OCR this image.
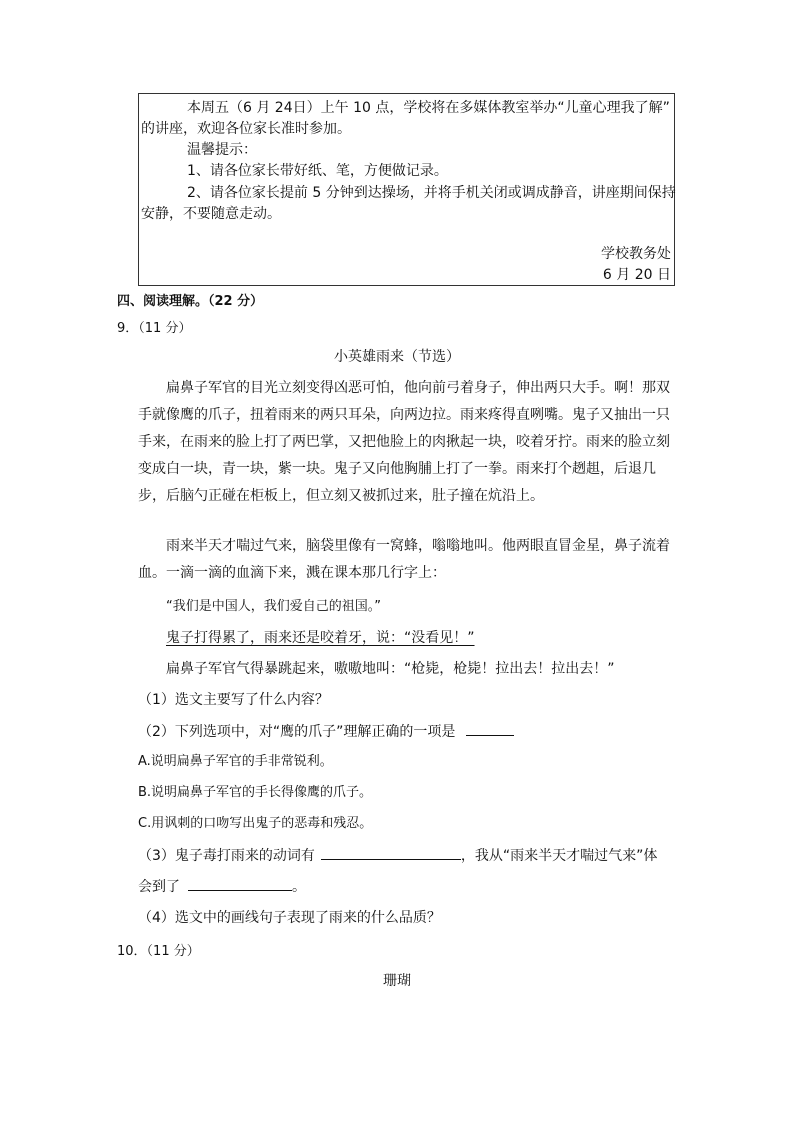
本周五（6 月 24日）上午 10 点，学校将在多媒体教室举办“儿童心理我了解”
的讲座，欢迎各位家长准时参加。
温馨提示：
1、请各位家长带好纸、笔，方便做记录。
2、请各位家长提前 5 分钟到达操场，并将手机关闭或调成静音，讲座期间保持
安静，不要随意走动。
学校教务处
6 月 20 日
四、阅读理解。（22 分）
9．（11 分）
小英雄雨来（节选）
扁鼻子军官的目光立刻变得凶恶可怕，他向前弓着身子，伸出两只大手。啊！那双手就像鹰的爪子，扭着雨来的两只耳朵，向两边拉。雨来疼得直咧嘴。鬼子又抽出一只手来，在雨来的脸上打了两巴掌，又把他脸上的肉揪起一块，咬着牙拧。雨来的脸立刻变成白一块，青一块，紫一块。鬼子又向他胸脯上打了一拳。雨来打个趔趄，后退几步，后脑勺正碰在柜板上，但立刻又被抓过来，肚子撞在炕沿上。
雨来半天才喘过气来，脑袋里像有一窝蜂，嗡嗡地叫。他两眼直冒金星，鼻子流着血。一滴一滴的血滴下来，溅在课本那几行字上：
“我们是中国人，我们爱自己的祖国。”
鬼子打得累了，雨来还是咬着牙，说：“没看见！”
扁鼻子军官气得暴跳起来，嗷嗷地叫：“枪毙，枪毙！拉出去！拉出去！”
（1）选文主要写了什么内容？
（2）下列选项中，对“鹰的爪子”理解正确的一项是
A.说明扁鼻子军官的手非常锐利。
B.说明扁鼻子军官的手长得像鹰的爪子。
C.用讽刺的口吻写出鬼子的恶毒和残忍。
（3）鬼子毒打雨来的动词有	，我从“雨来半天才喘过气来”体
会到了	。
（4）选文中的画线句子表现了雨来的什么品质？
10．（11 分）
珊瑚
